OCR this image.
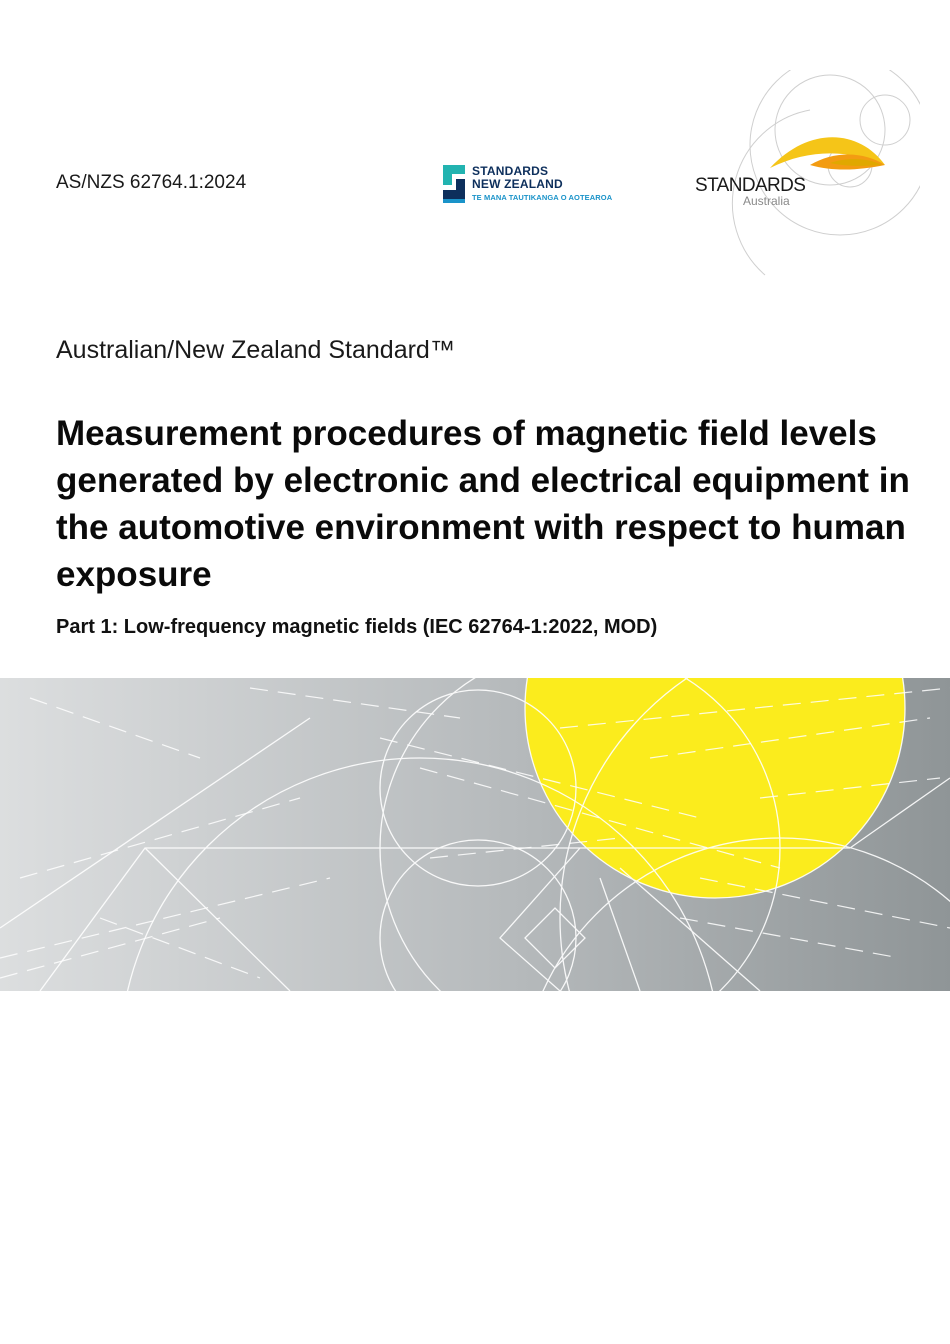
AS/NZS 62764.1:2024
STANDARDS
NEW ZEALAND
TE MANA TAUTIKANGA O AOTEAROA
STANDARDS
Australia
Australian/New Zealand Standard™
Measurement procedures of magnetic field levels generated by electronic and electrical equipment in the automotive environment with respect to human exposure
Part 1: Low-frequency magnetic fields (IEC 62764-1:2022, MOD)
